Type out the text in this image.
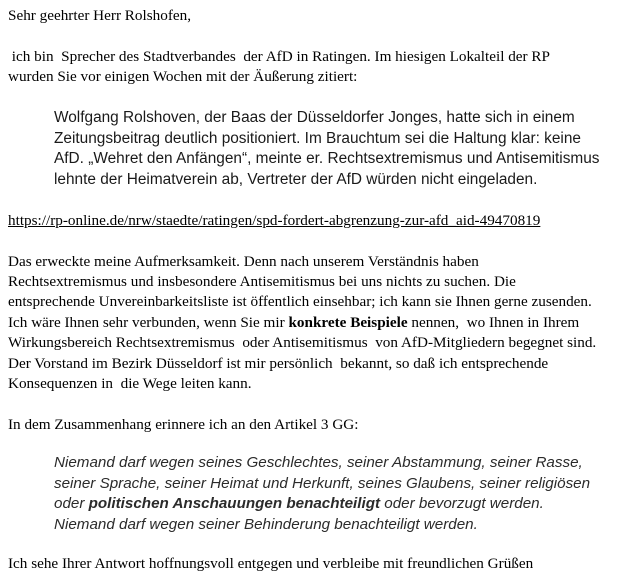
Sehr geehrter Herr Rolshofen,
ich bin  Sprecher des Stadtverbandes  der AfD in Ratingen. Im hiesigen Lokalteil der RP
wurden Sie vor einigen Wochen mit der Äußerung zitiert:
Wolfgang Rolshoven, der Baas der Düsseldorfer Jonges, hatte sich in einem
Zeitungsbeitrag deutlich positioniert. Im Brauchtum sei die Haltung klar: keine
AfD. „Wehret den Anfängen“, meinte er. Rechtsextremismus und Antisemitismus
lehnte der Heimatverein ab, Vertreter der AfD würden nicht eingeladen.
https://rp-online.de/nrw/staedte/ratingen/spd-fordert-abgrenzung-zur-afd_aid-49470819
Das erweckte meine Aufmerksamkeit. Denn nach unserem Verständnis haben
Rechtsextremismus und insbesondere Antisemitismus bei uns nichts zu suchen. Die
entsprechende Unvereinbarkeitsliste ist öffentlich einsehbar; ich kann sie Ihnen gerne zusenden.
Ich wäre Ihnen sehr verbunden, wenn Sie mir konkrete Beispiele nennen,  wo Ihnen in Ihrem
Wirkungsbereich Rechtsextremismus  oder Antisemitismus  von AfD-Mitgliedern begegnet sind.
Der Vorstand im Bezirk Düsseldorf ist mir persönlich  bekannt, so daß ich entsprechende
Konsequenzen in  die Wege leiten kann.
In dem Zusammenhang erinnere ich an den Artikel 3 GG:
Niemand darf wegen seines Geschlechtes, seiner Abstammung, seiner Rasse,
seiner Sprache, seiner Heimat und Herkunft, seines Glaubens, seiner religiösen
oder politischen Anschauungen benachteiligt oder bevorzugt werden.
Niemand darf wegen seiner Behinderung benachteiligt werden.
Ich sehe Ihrer Antwort hoffnungsvoll entgegen und verbleibe mit freundlichen Grüßen
